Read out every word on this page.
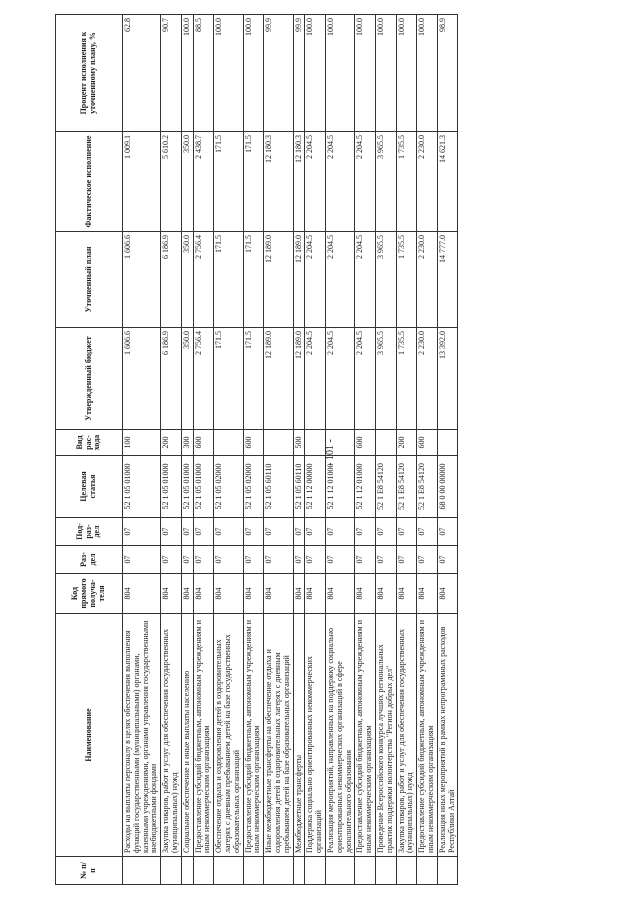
- 101 -
№ п/п	Наименование	Код прямого получа-теля	Раз-дел	Под-раз-дел	Целевая статья	Вид рас-хода	Утвержденный бюджет	Уточненный план	Фактическое исполнение	Процент исполнения к уточненному плану, %
	Расходы на выплаты персоналу в целях обеспечения выполнения функций государственными (муниципальными) органами, казенными учреждениями, органами управления государственными внебюджетными фондами	804	07	07	52 1 05 01000	100	1 606.6	1 606.6	1 009.1	62.8
	Закупка товаров, работ и услуг для обеспечения государственных (муниципальных) нужд	804	07	07	52 1 05 01000	200	6 186.9	6 186.9	5 610.2	90.7
	Социальное обеспечение и иные выплаты населению	804	07	07	52 1 05 01000	300	350.0	350.0	350.0	100.0
	Предоставление субсидий бюджетным, автономным учреждениям и иным некоммерческим организациям	804	07	07	52 1 05 01000	600	2 756.4	2 756.4	2 438.7	88.5
	Обеспечение отдыха и оздоровления детей в оздоровительных лагерях с дневным пребыванием детей на базе государственных образовательных организаций	804	07	07	52 1 05 02000		171.5	171.5	171.5	100.0
	Предоставление субсидий бюджетным, автономным учреждениям и иным некоммерческим организациям	804	07	07	52 1 05 02000	600	171.5	171.5	171.5	100.0
	Иные межбюджетные трансферты на обеспечение отдыха и оздоровления детей в оздоровительных лагерях с дневным пребыванием детей на базе образовательных организаций	804	07	07	52 1 05 60110		12 189.0	12 189.0	12 180.3	99.9
	Межбюджетные трансферты	804	07	07	52 1 05 60110	500	12 189.0	12 189.0	12 180.3	99.9
	Поддержка социально ориентированных некоммерческих организаций	804	07	07	52 1 12 00000		2 204.5	2 204.5	2 204.5	100.0
	Реализация мероприятий, направленных на поддержку социально ориентированных некоммерческих организаций в сфере дополнительного образования	804	07	07	52 1 12 01000		2 204.5	2 204.5	2 204.5	100.0
	Предоставление субсидий бюджетным, автономным учреждениям и иным некоммерческим организациям	804	07	07	52 1 12 01000	600	2 204.5	2 204.5	2 204.5	100.0
	Проведение Всероссийского конкурса лучших региональных практик поддержки волонтерства "Регион добрых дел"	804	07	07	52 1 E8 54120		3 965.5	3 965.5	3 965.5	100.0
	Закупка товаров, работ и услуг для обеспечения государственных (муниципальных) нужд	804	07	07	52 1 E8 54120	200	1 735.5	1 735.5	1 735.5	100.0
	Предоставление субсидий бюджетным, автономным учреждениям и иным некоммерческим организациям	804	07	07	52 1 E8 54120	600	2 230.0	2 230.0	2 230.0	100.0
	Реализация иных мероприятий в рамках непрограммных расходов Республики Алтай	804	07	07	68 0 00 00000		13 392.0	14 777.0	14 621.3	98.9
